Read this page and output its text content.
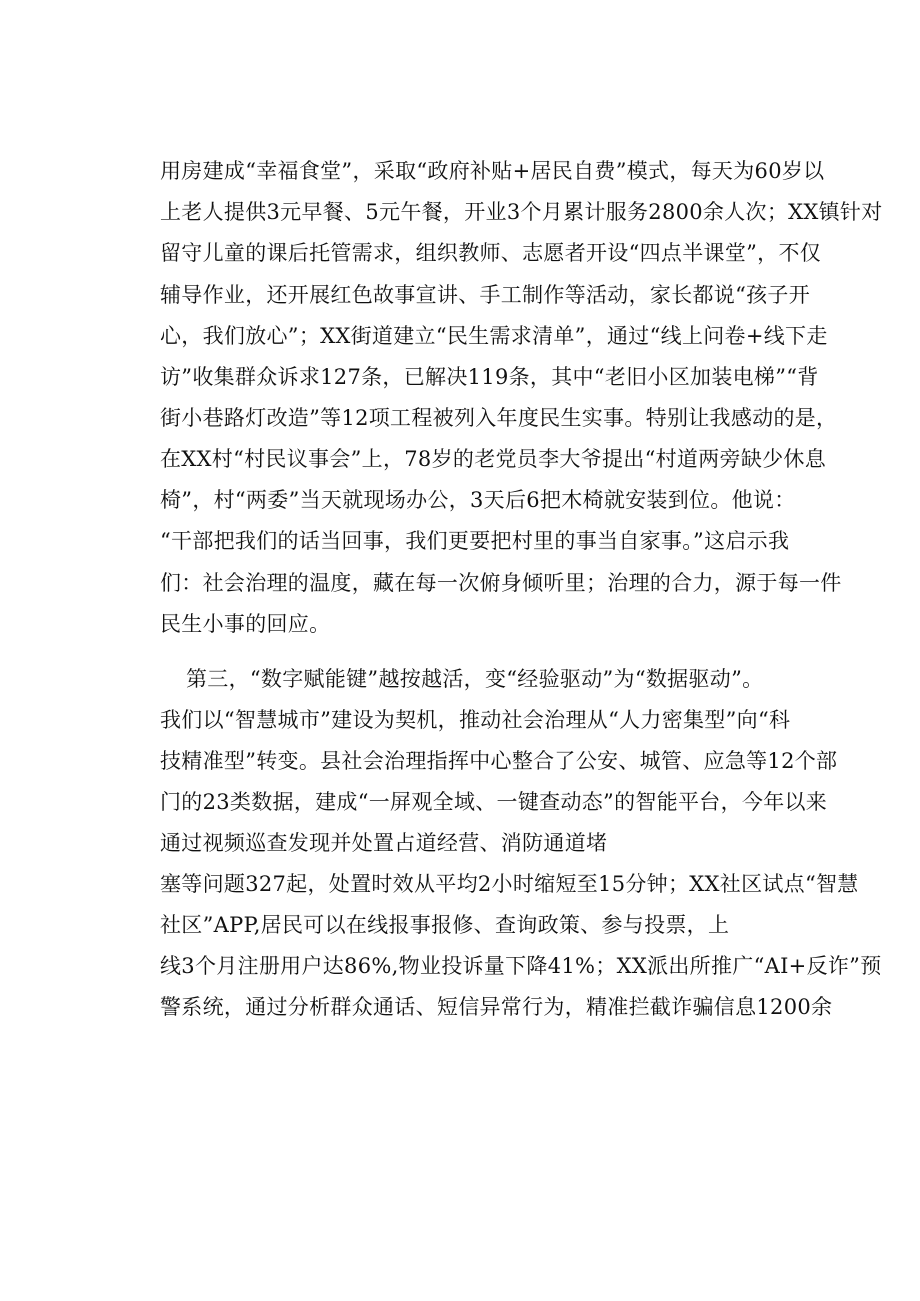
用房建成“幸福食堂”，采取“政府补贴+居民自费”模式，每天为60岁以
上老人提供3元早餐、5元午餐，开业3个月累计服务2800余人次；XX镇针对
留守儿童的课后托管需求，组织教师、志愿者开设“四点半课堂”，不仅
辅导作业，还开展红色故事宣讲、手工制作等活动，家长都说“孩子开
心，我们放心”；XX街道建立“民生需求清单”，通过“线上问卷+线下走
访”收集群众诉求127条，已解决119条，其中“老旧小区加装电梯”“背
街小巷路灯改造”等12项工程被列入年度民生实事。特别让我感动的是，
在XX村“村民议事会”上，78岁的老党员李大爷提出“村道两旁缺少休息
椅”，村“两委”当天就现场办公，3天后6把木椅就安装到位。他说：
“干部把我们的话当回事，我们更要把村里的事当自家事。”这启示我
们：社会治理的温度，藏在每一次俯身倾听里；治理的合力，源于每一件
民生小事的回应。
第三，“数字赋能键”越按越活，变“经验驱动”为“数据驱动”。
我们以“智慧城市”建设为契机，推动社会治理从“人力密集型”向“科
技精准型”转变。县社会治理指挥中心整合了公安、城管、应急等12个部
门的23类数据，建成“一屏观全域、一键查动态”的智能平台，今年以来
通过视频巡查发现并处置占道经营、消防通道堵
塞等问题327起，处置时效从平均2小时缩短至15分钟；XX社区试点“智慧
社区”APP,居民可以在线报事报修、查询政策、参与投票，上
线3个月注册用户达86%,物业投诉量下降41%；XX派出所推广“AI+反诈”预
警系统，通过分析群众通话、短信异常行为，精准拦截诈骗信息1200余
